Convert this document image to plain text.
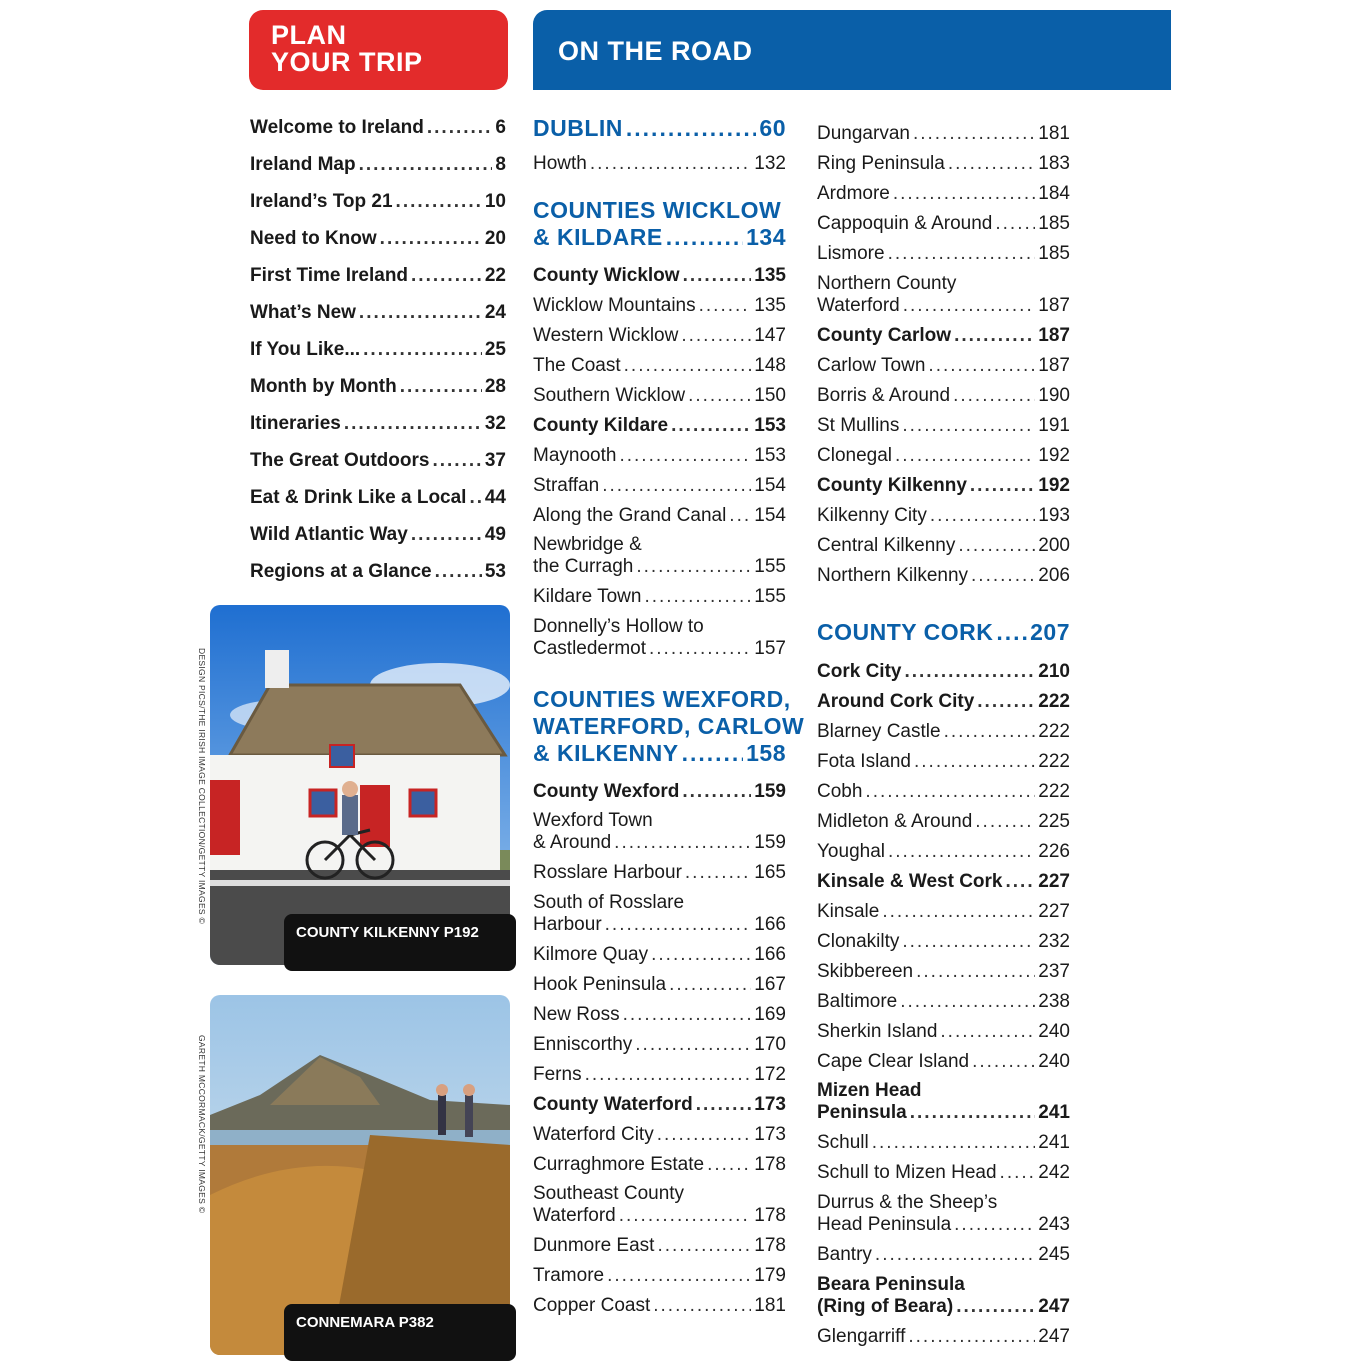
PLAN
YOUR TRIP	ON THE ROAD
Welcome to Ireland .....	6
Ireland Map .....	8
Ireland’s Top 21 .....	10
Need to Know .....	20
First Time Ireland .....	22
What’s New .....	24
If You Like... .....	25
Month by Month .....	28
Itineraries .....	32
The Great Outdoors .....	37
Eat & Drink Like a Local ..... 44
Wild Atlantic Way .....	49
Regions at a Glance .....	53
DESIGN PICS/THE IRISH IMAGE COLLECTION/GETTY IMAGES ©
COUNTY KILKENNY P192
GARETH MCCORMACK/GETTY IMAGES ©
CONNEMARA P382
DUBLIN .....	60
Howth .....	132
COUNTIES WICKLOW
& KILDARE .....	134
County Wicklow .....	135
Wicklow Mountains .....	135
Western Wicklow .....	147
The Coast .....	148
Southern Wicklow .....	150
County Kildare .....	153
Maynooth .....	153
Straffan .....	154
Along the Grand Canal ..... 154
Newbridge &
the Curragh .....	155
Kildare Town .....	155
Donnelly’s Hollow to
Castledermot .....	157
COUNTIES WEXFORD,
WATERFORD, CARLOW
& KILKENNY .....	158
County Wexford .....	159
Wexford Town
& Around .....	159
Rosslare Harbour .....	165
South of Rosslare
Harbour .....	166
Kilmore Quay .....	166
Hook Peninsula .....	167
New Ross .....	169
Enniscorthy .....	170
Ferns .....	172
County Waterford .....	173
Waterford City .....	173
Curraghmore Estate .....	178
Southeast County
Waterford .....	178
Dunmore East .....	178
Tramore .....	179
Copper Coast .....	181
Dungarvan .....	181
Ring Peninsula .....	183
Ardmore .....	184
Cappoquin & Around ..... 185
Lismore .....	185
Northern County
Waterford .....	187
County Carlow .....	187
Carlow Town .....	187
Borris & Around .....	190
St Mullins .....	191
Clonegal .....	192
County Kilkenny .....	192
Kilkenny City .....	193
Central Kilkenny .....	200
Northern Kilkenny .....	206
COUNTY CORK ..... 207
Cork City .....	210
Around Cork City .....	222
Blarney Castle .....	222
Fota Island .....	222
Cobh .....	222
Midleton & Around .....	225
Youghal .....	226
Kinsale & West Cork ..... 227
Kinsale .....	227
Clonakilty .....	232
Skibbereen .....	237
Baltimore .....	238
Sherkin Island .....	240
Cape Clear Island .....	240
Mizen Head
Peninsula .....	241
Schull .....	241
Schull to Mizen Head ..... 242
Durrus & the Sheep’s
Head Peninsula .....	243
Bantry .....	245
Beara Peninsula
(Ring of Beara) .....	247
Glengarriff .....	247
